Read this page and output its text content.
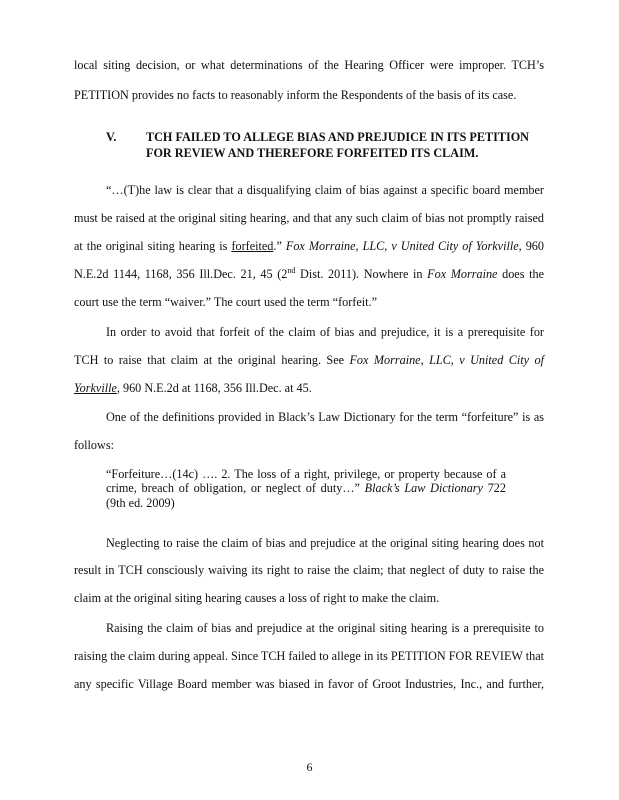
local siting decision, or what determinations of the Hearing Officer were improper. TCH’s
PETITION provides no facts to reasonably inform the Respondents of the basis of its case.
V. TCH FAILED TO ALLEGE BIAS AND PREJUDICE IN ITS PETITION
FOR REVIEW AND THEREFORE FORFEITED ITS CLAIM.
“…(T)he law is clear that a disqualifying claim of bias against a specific board member
must be raised at the original siting hearing, and that any such claim of bias not promptly raised
at the original siting hearing is forfeited.” Fox Morraine, LLC, v United City of Yorkville, 960
N.E.2d 1144, 1168, 356 Ill.Dec. 21, 45 (2nd Dist. 2011). Nowhere in Fox Morraine does the
court use the term “waiver.” The court used the term “forfeit.”
In order to avoid that forfeit of the claim of bias and prejudice, it is a prerequisite for
TCH to raise that claim at the original hearing. See Fox Morraine, LLC, v United City of
Yorkville, 960 N.E.2d at 1168, 356 Ill.Dec. at 45.
One of the definitions provided in Black’s Law Dictionary for the term “forfeiture” is as
follows:
“Forfeiture…(14c) …. 2. The loss of a right, privilege, or property because of a
crime, breach of obligation, or neglect of duty…” Black’s Law Dictionary 722
(9th ed. 2009)
Neglecting to raise the claim of bias and prejudice at the original siting hearing does not
result in TCH consciously waiving its right to raise the claim; that neglect of duty to raise the
claim at the original siting hearing causes a loss of right to make the claim.
Raising the claim of bias and prejudice at the original siting hearing is a prerequisite to
raising the claim during appeal. Since TCH failed to allege in its PETITION FOR REVIEW that
any specific Village Board member was biased in favor of Groot Industries, Inc., and further,
6
